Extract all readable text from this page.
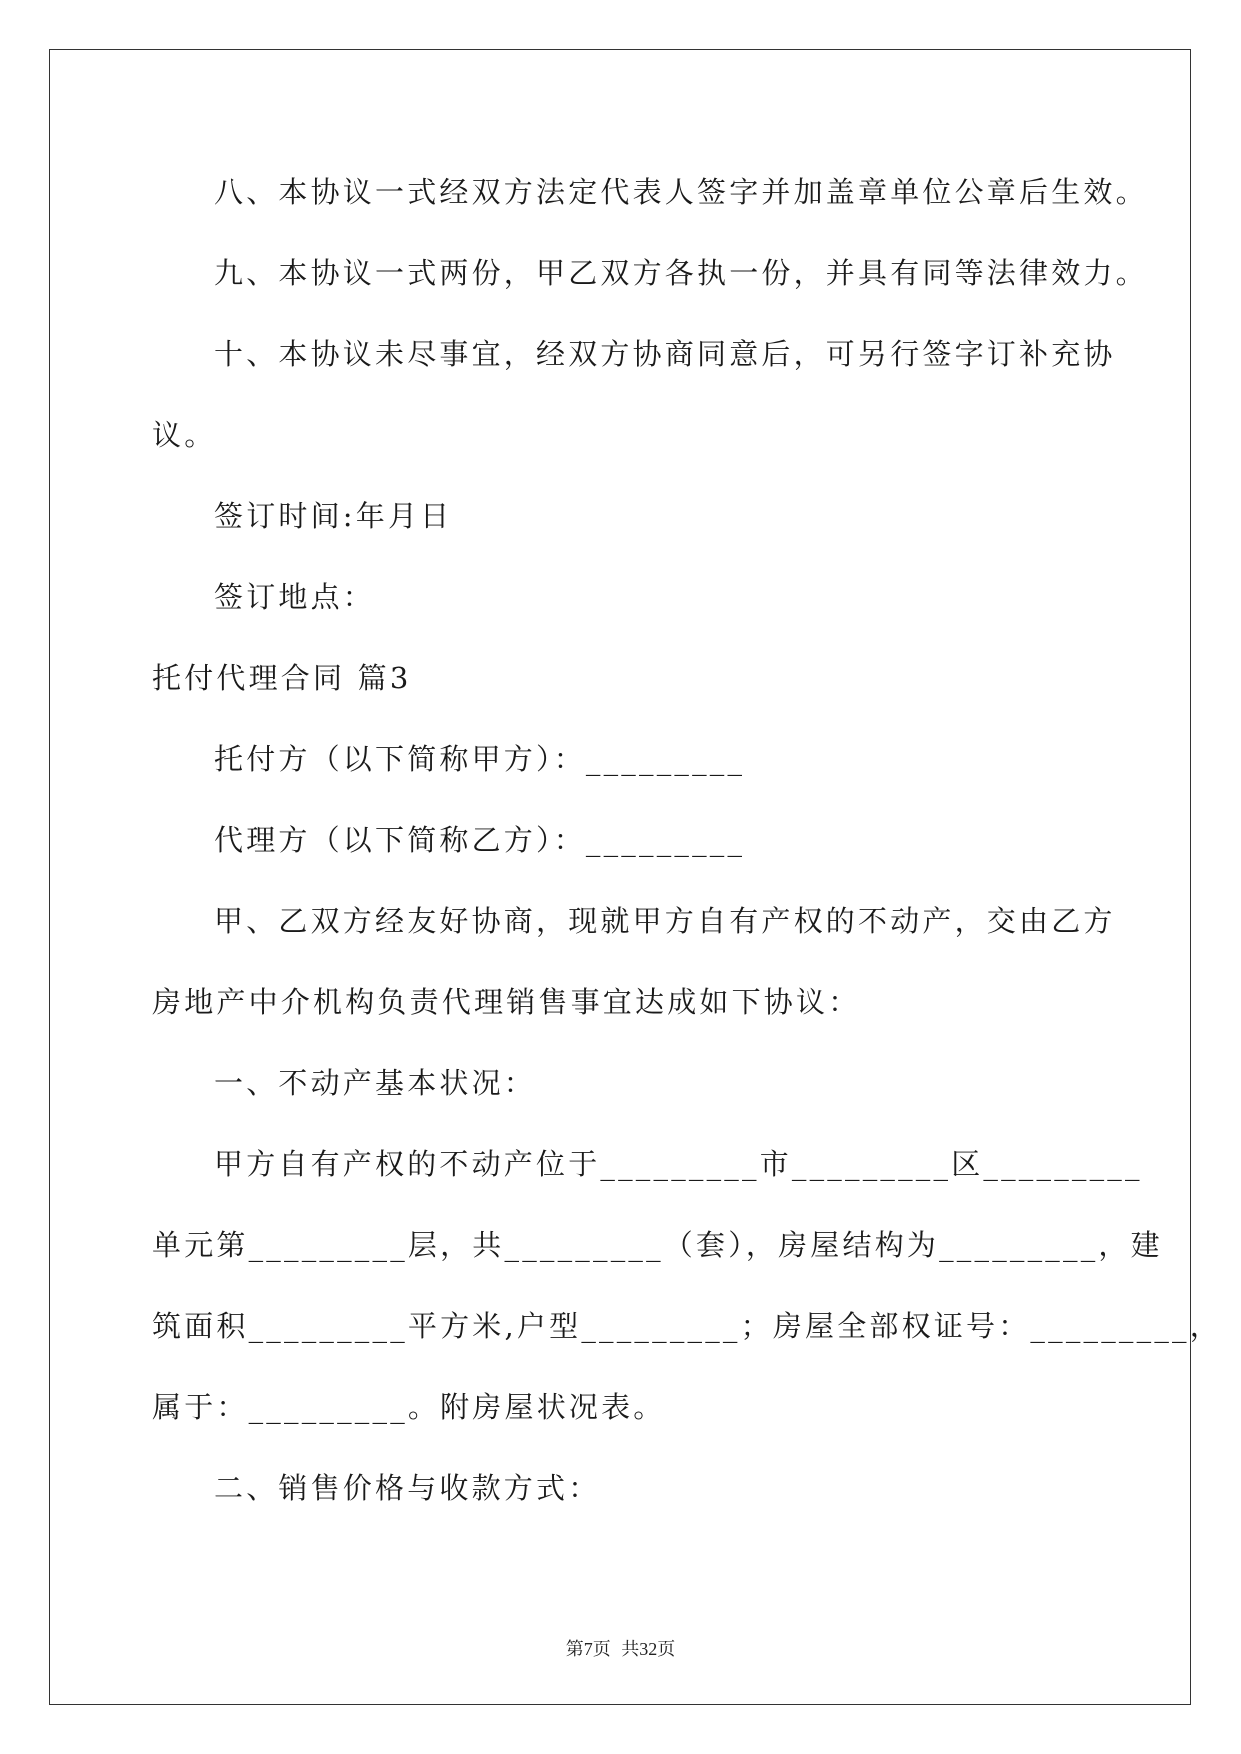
八、本协议一式经双方法定代表人签字并加盖章单位公章后生效。
九、本协议一式两份，甲乙双方各执一份，并具有同等法律效力。
十、本协议未尽事宜，经双方协商同意后，可另行签字订补充协
议。
签订时间:年月日
签订地点：
托付代理合同 篇3
托付方（以下简称甲方）：_________
代理方（以下简称乙方）：_________
甲、乙双方经友好协商，现就甲方自有产权的不动产，交由乙方
房地产中介机构负责代理销售事宜达成如下协议：
一、不动产基本状况：
甲方自有产权的不动产位于_________市_________区_________
单元第_________层，共_________（套），房屋结构为_________，建
筑面积_________平方米,户型_________；房屋全部权证号：_________，
属于：_________。附房屋状况表。
二、销售价格与收款方式：
第7页 共32页
